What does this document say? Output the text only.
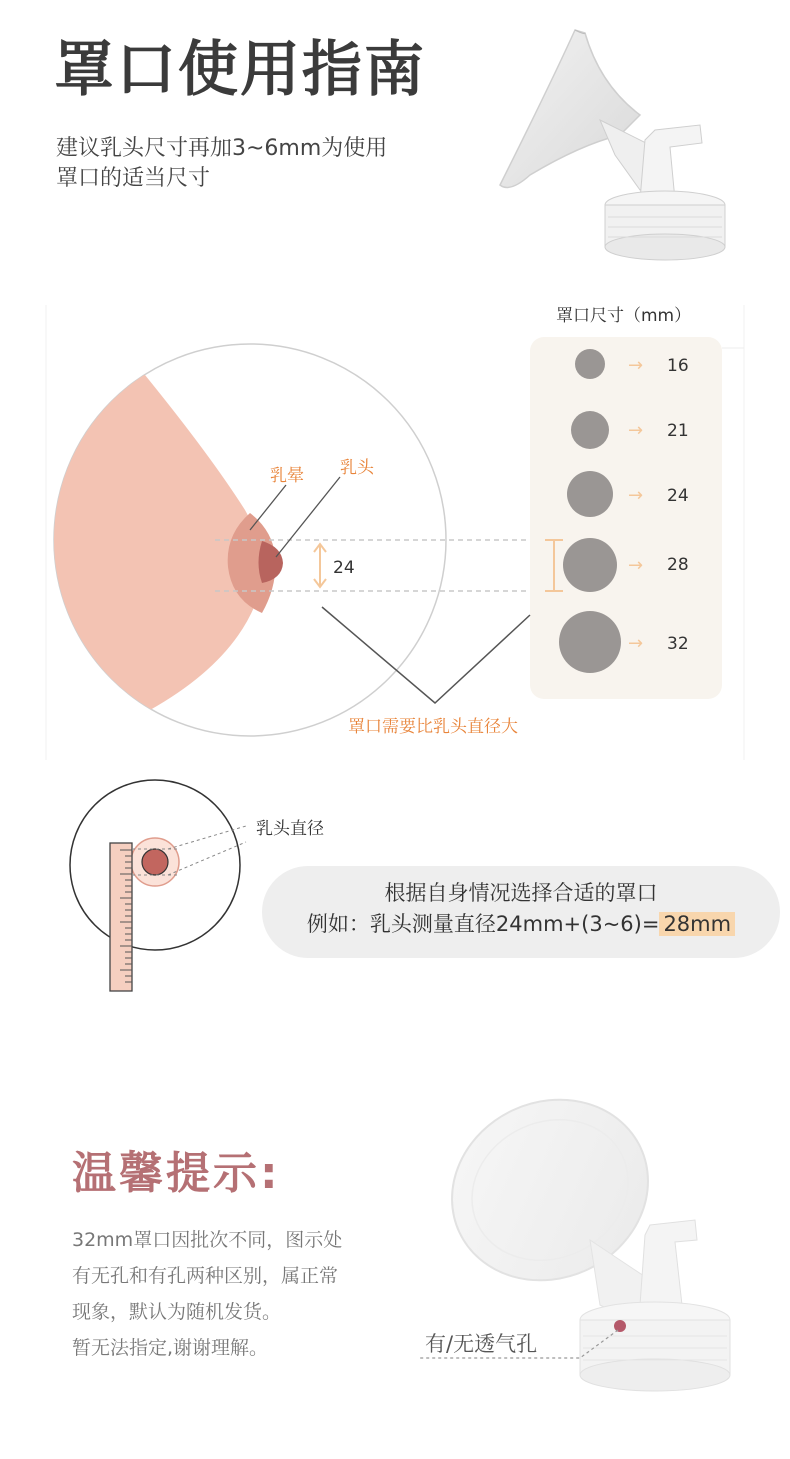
罩口使用指南
建议乳头尺寸再加3~6mm为使用
罩口的适当尺寸
24
乳晕 乳头
罩口尺寸（mm）
→ 16
→ 21
→ 24
→ 28
→ 32
罩口需要比乳头直径大
乳头直径
根据自身情况选择合适的罩口
例如：乳头测量直径24mm+(3~6)= 28mm
温馨提示:
32mm罩口因批次不同，图示处
有无孔和有孔两种区别，属正常
现象，默认为随机发货。
暂无法指定,谢谢理解。	有/无透气孔
